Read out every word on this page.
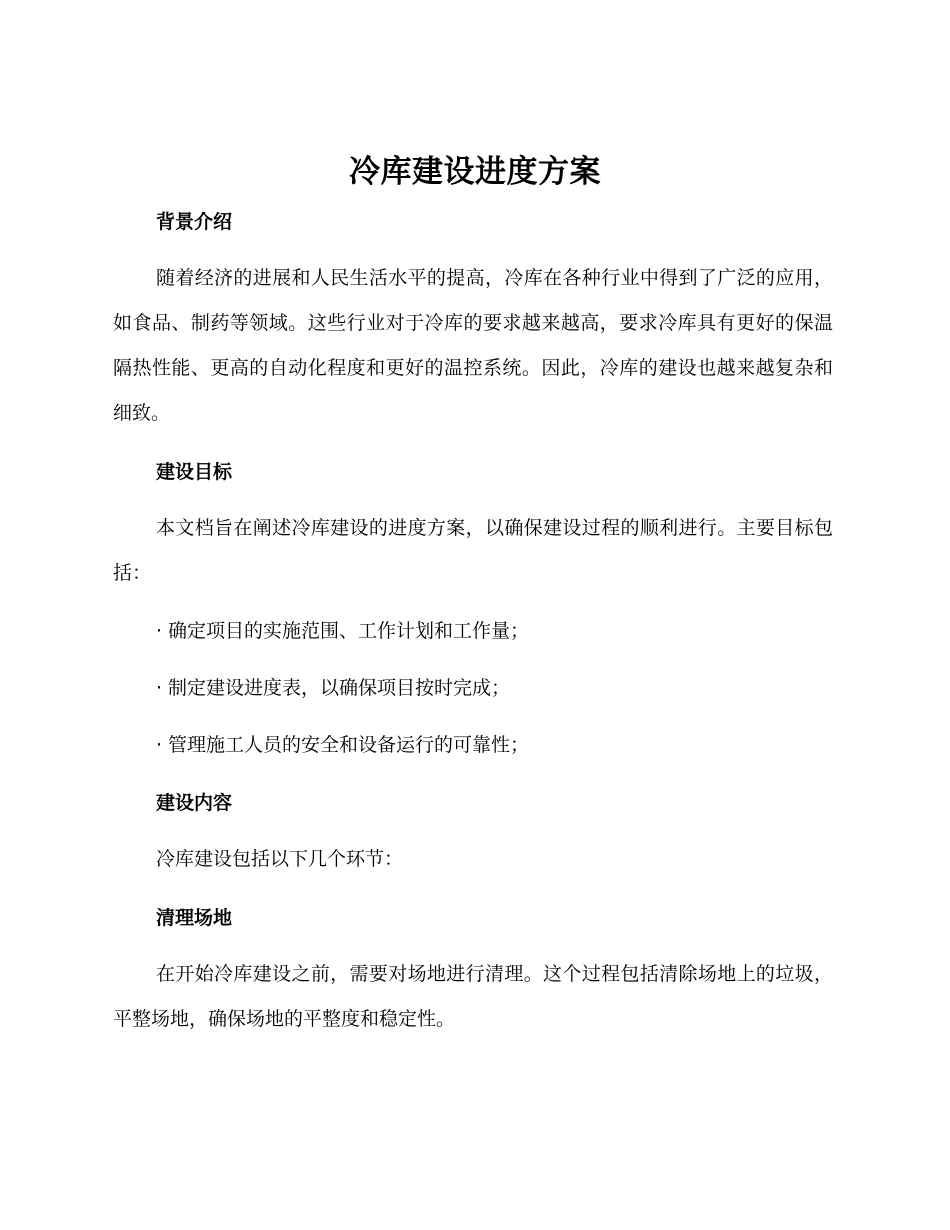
冷库建设进度方案
背景介绍
随着经济的进展和人民生活水平的提高，冷库在各种行业中得到了广泛的应用，如食品、制药等领域。这些行业对于冷库的要求越来越高，要求冷库具有更好的保温隔热性能、更高的自动化程度和更好的温控系统。因此，冷库的建设也越来越复杂和细致。
建设目标
本文档旨在阐述冷库建设的进度方案，以确保建设过程的顺利进行。主要目标包括：
· 确定项目的实施范围、工作计划和工作量；
· 制定建设进度表，以确保项目按时完成；
· 管理施工人员的安全和设备运行的可靠性；
建设内容
冷库建设包括以下几个环节：
清理场地
在开始冷库建设之前，需要对场地进行清理。这个过程包括清除场地上的垃圾，平整场地，确保场地的平整度和稳定性。
